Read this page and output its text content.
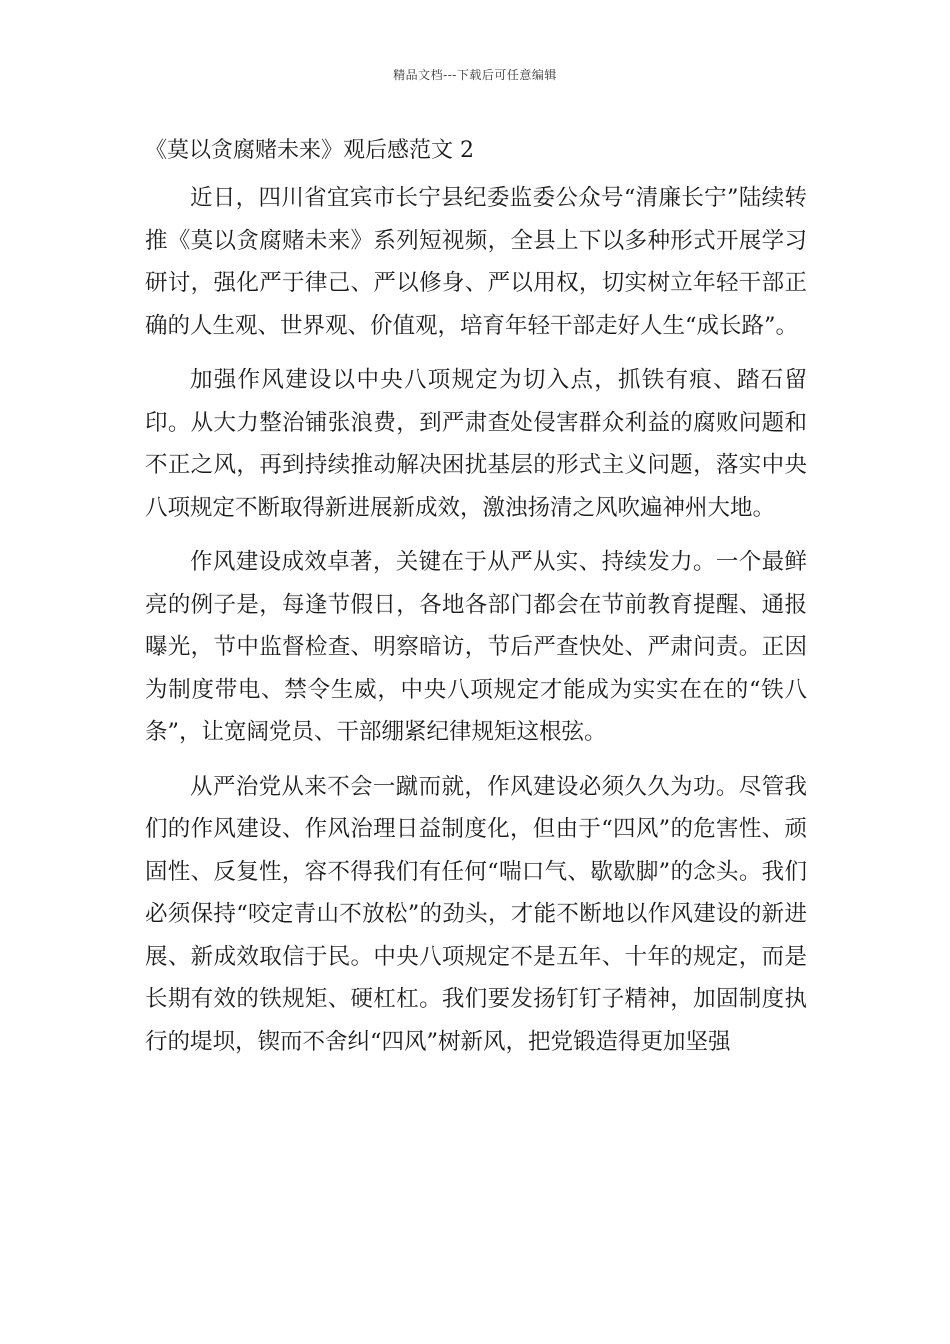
精品文档---下载后可任意编辑
《莫以贪腐赌未来》观后感范文 2

近日，四川省宜宾市长宁县纪委监委公众号“清廉长宁”陆续转推《莫以贪腐赌未来》系列短视频，全县上下以多种形式开展学习研讨，强化严于律己、严以修身、严以用权，切实树立年轻干部正确的人生观、世界观、价值观，培育年轻干部走好人生“成长路”。

加强作风建设以中央八项规定为切入点，抓铁有痕、踏石留印。从大力整治铺张浪费，到严肃查处侵害群众利益的腐败问题和不正之风，再到持续推动解决困扰基层的形式主义问题，落实中央八项规定不断取得新进展新成效，激浊扬清之风吹遍神州大地。

作风建设成效卓著，关键在于从严从实、持续发力。一个最鲜亮的例子是，每逢节假日，各地各部门都会在节前教育提醒、通报曝光，节中监督检查、明察暗访，节后严查快处、严肃问责。正因为制度带电、禁令生威，中央八项规定才能成为实实在在的“铁八条”，让宽阔党员、干部绷紧纪律规矩这根弦。

从严治党从来不会一蹴而就，作风建设必须久久为功。尽管我们的作风建设、作风治理日益制度化，但由于“四风”的危害性、顽固性、反复性，容不得我们有任何“喘口气、歇歇脚”的念头。我们必须保持“咬定青山不放松”的劲头，才能不断地以作风建设的新进展、新成效取信于民。中央八项规定不是五年、十年的规定，而是长期有效的铁规矩、硬杠杠。我们要发扬钉钉子精神，加固制度执行的堤坝，锲而不舍纠“四风”树新风，把党锻造得更加坚强
